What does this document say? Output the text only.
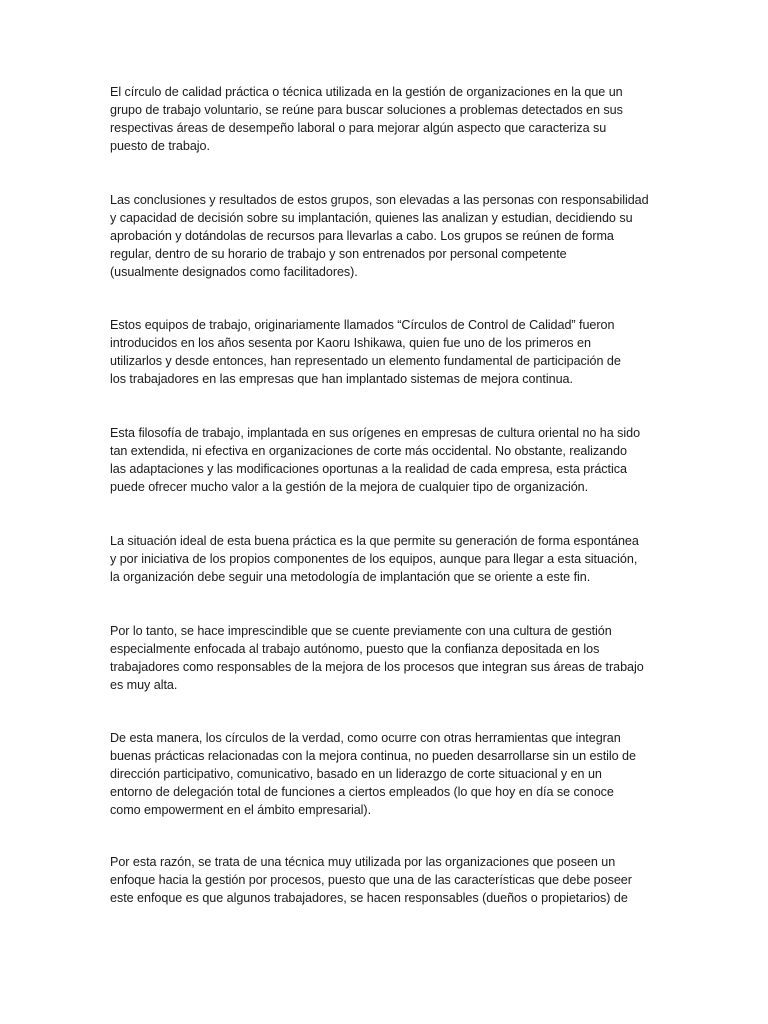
El círculo de calidad práctica o técnica utilizada en la gestión de organizaciones en la que un
grupo de trabajo voluntario, se reúne para buscar soluciones a problemas detectados en sus
respectivas áreas de desempeño laboral o para mejorar algún aspecto que caracteriza su
puesto de trabajo.

Las conclusiones y resultados de estos grupos, son elevadas a las personas con responsabilidad
y capacidad de decisión sobre su implantación, quienes las analizan y estudian, decidiendo su
aprobación y dotándolas de recursos para llevarlas a cabo. Los grupos se reúnen de forma
regular, dentro de su horario de trabajo y son entrenados por personal competente
(usualmente designados como facilitadores).

Estos equipos de trabajo, originariamente llamados “Círculos de Control de Calidad” fueron
introducidos en los años sesenta por Kaoru Ishikawa, quien fue uno de los primeros en
utilizarlos y desde entonces, han representado un elemento fundamental de participación de
los trabajadores en las empresas que han implantado sistemas de mejora continua.

Esta filosofía de trabajo, implantada en sus orígenes en empresas de cultura oriental no ha sido
tan extendida, ni efectiva en organizaciones de corte más occidental. No obstante, realizando
las adaptaciones y las modificaciones oportunas a la realidad de cada empresa, esta práctica
puede ofrecer mucho valor a la gestión de la mejora de cualquier tipo de organización.

La situación ideal de esta buena práctica es la que permite su generación de forma espontánea
y por iniciativa de los propios componentes de los equipos, aunque para llegar a esta situación,
la organización debe seguir una metodología de implantación que se oriente a este fin.

Por lo tanto, se hace imprescindible que se cuente previamente con una cultura de gestión
especialmente enfocada al trabajo autónomo, puesto que la confianza depositada en los
trabajadores como responsables de la mejora de los procesos que integran sus áreas de trabajo
es muy alta.

De esta manera, los círculos de la verdad, como ocurre con otras herramientas que integran
buenas prácticas relacionadas con la mejora continua, no pueden desarrollarse sin un estilo de
dirección participativo, comunicativo, basado en un liderazgo de corte situacional y en un
entorno de delegación total de funciones a ciertos empleados (lo que hoy en día se conoce
como empowerment en el ámbito empresarial).

Por esta razón, se trata de una técnica muy utilizada por las organizaciones que poseen un
enfoque hacia la gestión por procesos, puesto que una de las características que debe poseer
este enfoque es que algunos trabajadores, se hacen responsables (dueños o propietarios) de
